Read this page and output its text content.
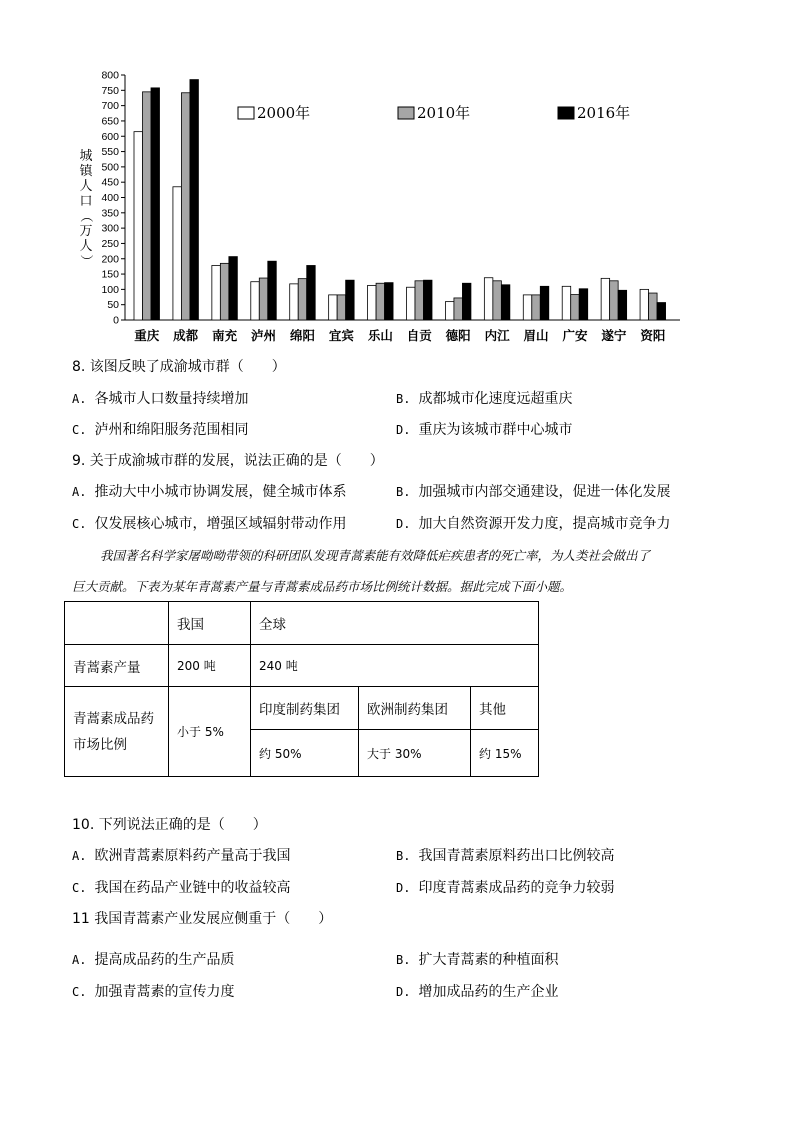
0
50
100
150
200
250
300
350
400
450
500
550
600
650
700
750
800
城
镇
人
口
（
万
人
）
重庆 成都 南充 泸州 绵阳 宜宾 乐山 自贡 德阳 内江 眉山 广安 遂宁 资阳
2000年	2010年	2016年
8. 该图反映了成渝城市群（　　）
A. 各城市人口数量持续增加	B. 成都城市化速度远超重庆
C. 泸州和绵阳服务范围相同	D. 重庆为该城市群中心城市
9. 关于成渝城市群的发展，说法正确的是（　　）
A. 推动大中小城市协调发展，健全城市体系	B. 加强城市内部交通建设，促进一体化发展
C. 仅发展核心城市，增强区域辐射带动作用	D. 加大自然资源开发力度，提高城市竞争力
我国著名科学家屠呦呦带领的科研团队发现青蒿素能有效降低疟疾患者的死亡率，为人类社会做出了
巨大贡献。下表为某年青蒿素产量与青蒿素成品药市场比例统计数据。据此完成下面小题。
	我国	全球		
青蒿素产量	200 吨	240 吨		
青蒿素成品药
市场比例	小于 5%	印度制药集团	欧洲制药集团	其他
		约 50%	大于 30%	约 15%
10. 下列说法正确的是（　　）
A. 欧洲青蒿素原料药产量高于我国	B. 我国青蒿素原料药出口比例较高
C. 我国在药品产业链中的收益较高	D. 印度青蒿素成品药的竞争力较弱
11 我国青蒿素产业发展应侧重于（　　）
A. 提高成品药的生产品质	B. 扩大青蒿素的种植面积
C. 加强青蒿素的宣传力度	D. 增加成品药的生产企业
